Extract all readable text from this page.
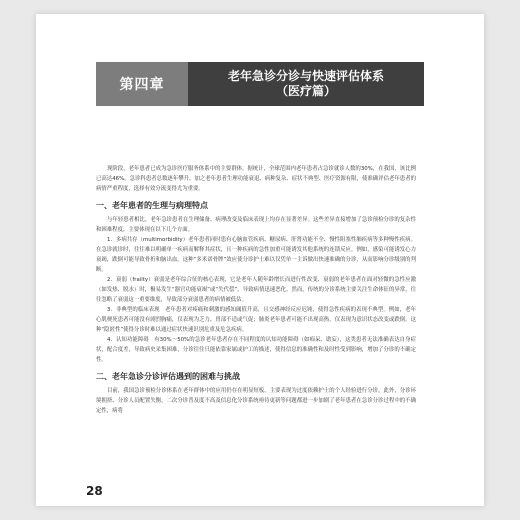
第四章
老年急诊分诊与快速评估体系
（医疗篇）

现阶段，老年患者已成为急诊医疗服务体系中的主要群体。据统计，全球范围内老年患者占急诊就诊人数的30%，在我国，该比例已高达46%。急诊科患者总数逐年攀升，加之老年患者生理功能衰退、病种复杂、症状不典型、医疗资源有限，使准确评估老年患者的病情严重程度，选择有效分流变得尤为重要。

一、老年患者的生理与病理特点

与年轻患者相比，老年急诊患者在生理储备、病理改变及临床表现上均存在显著差异。这些差异直接增加了急诊预检分诊的复杂性和困难程度，主要体现在以下几个方面。

1．多病共存（multimorbidity）老年患者同时患有心脑血管疾病、糖尿病、肝肾功能不全、慢性阻塞性肺疾病等多种慢性疾病。在急诊就诊时，往往难以明确单一疾病而解释其症状，且一种疾病的急性加重可能诱发其他系统的连锁反应。例如，感染可能诱发心力衰竭，跌倒可能导致骨折和脑出血。这种“多米诺骨牌”效应使分诊护士难以仅凭单一主诉做出快速准确的分诊，从而影响分诊级别的判断。

2．衰弱（frailty）衰弱是老年综合征的核心表现，它是老年人随年龄增长而进行性改变、衰弱的老年患者在面对轻微的急性应激（如发热、脱水）时，极易发生“器官功能衰竭”或“失代偿”，导致病情迅速恶化。然而，传统的分诊系统主要关注生命体征的异常，往往忽略了衰弱这一重要维度，导致部分衰弱患者的病情被低估。

3．非典型的临床表现　老年患者对疼痛和刺激的感知阈值升高，且交感神经反应迟钝，使得急性疾病的表现不典型。例如，老年心肌梗死患者可能没有剧烈胸痛，仅表现为乏力、胃部不适或气促；肺炎老年患者可能不出现高热，仅表现为意识状态改变或跌倒。这种“隐匿性”使得分诊时难以通过症状快速识别危重及危急疾病。

4．认知功能障碍　有30%～50%的急诊老年患者存在不同程度的认知功能障碍（如痴呆、谵妄），这类患者无法准确表达自身症状，配合度差，导致病史采集困难，分诊往往只能依靠家属或护工的描述，使得信息的准确性和及时性受到影响，增加了分诊的不确定性。

二、老年急诊分诊评估遇到的困难与挑战

目前，我国急诊预检分诊体系在老年群体中的应用仍存在明显短板。主要表现为过度依赖护士的个人经验进行分诊，此外，分诊环境拥挤、分诊人员配置失衡，二次分诊普及度不高及信息化分诊系统亟待更新等问题都进一步加剧了老年患者在急诊分诊过程中的不确定性，病将

28
